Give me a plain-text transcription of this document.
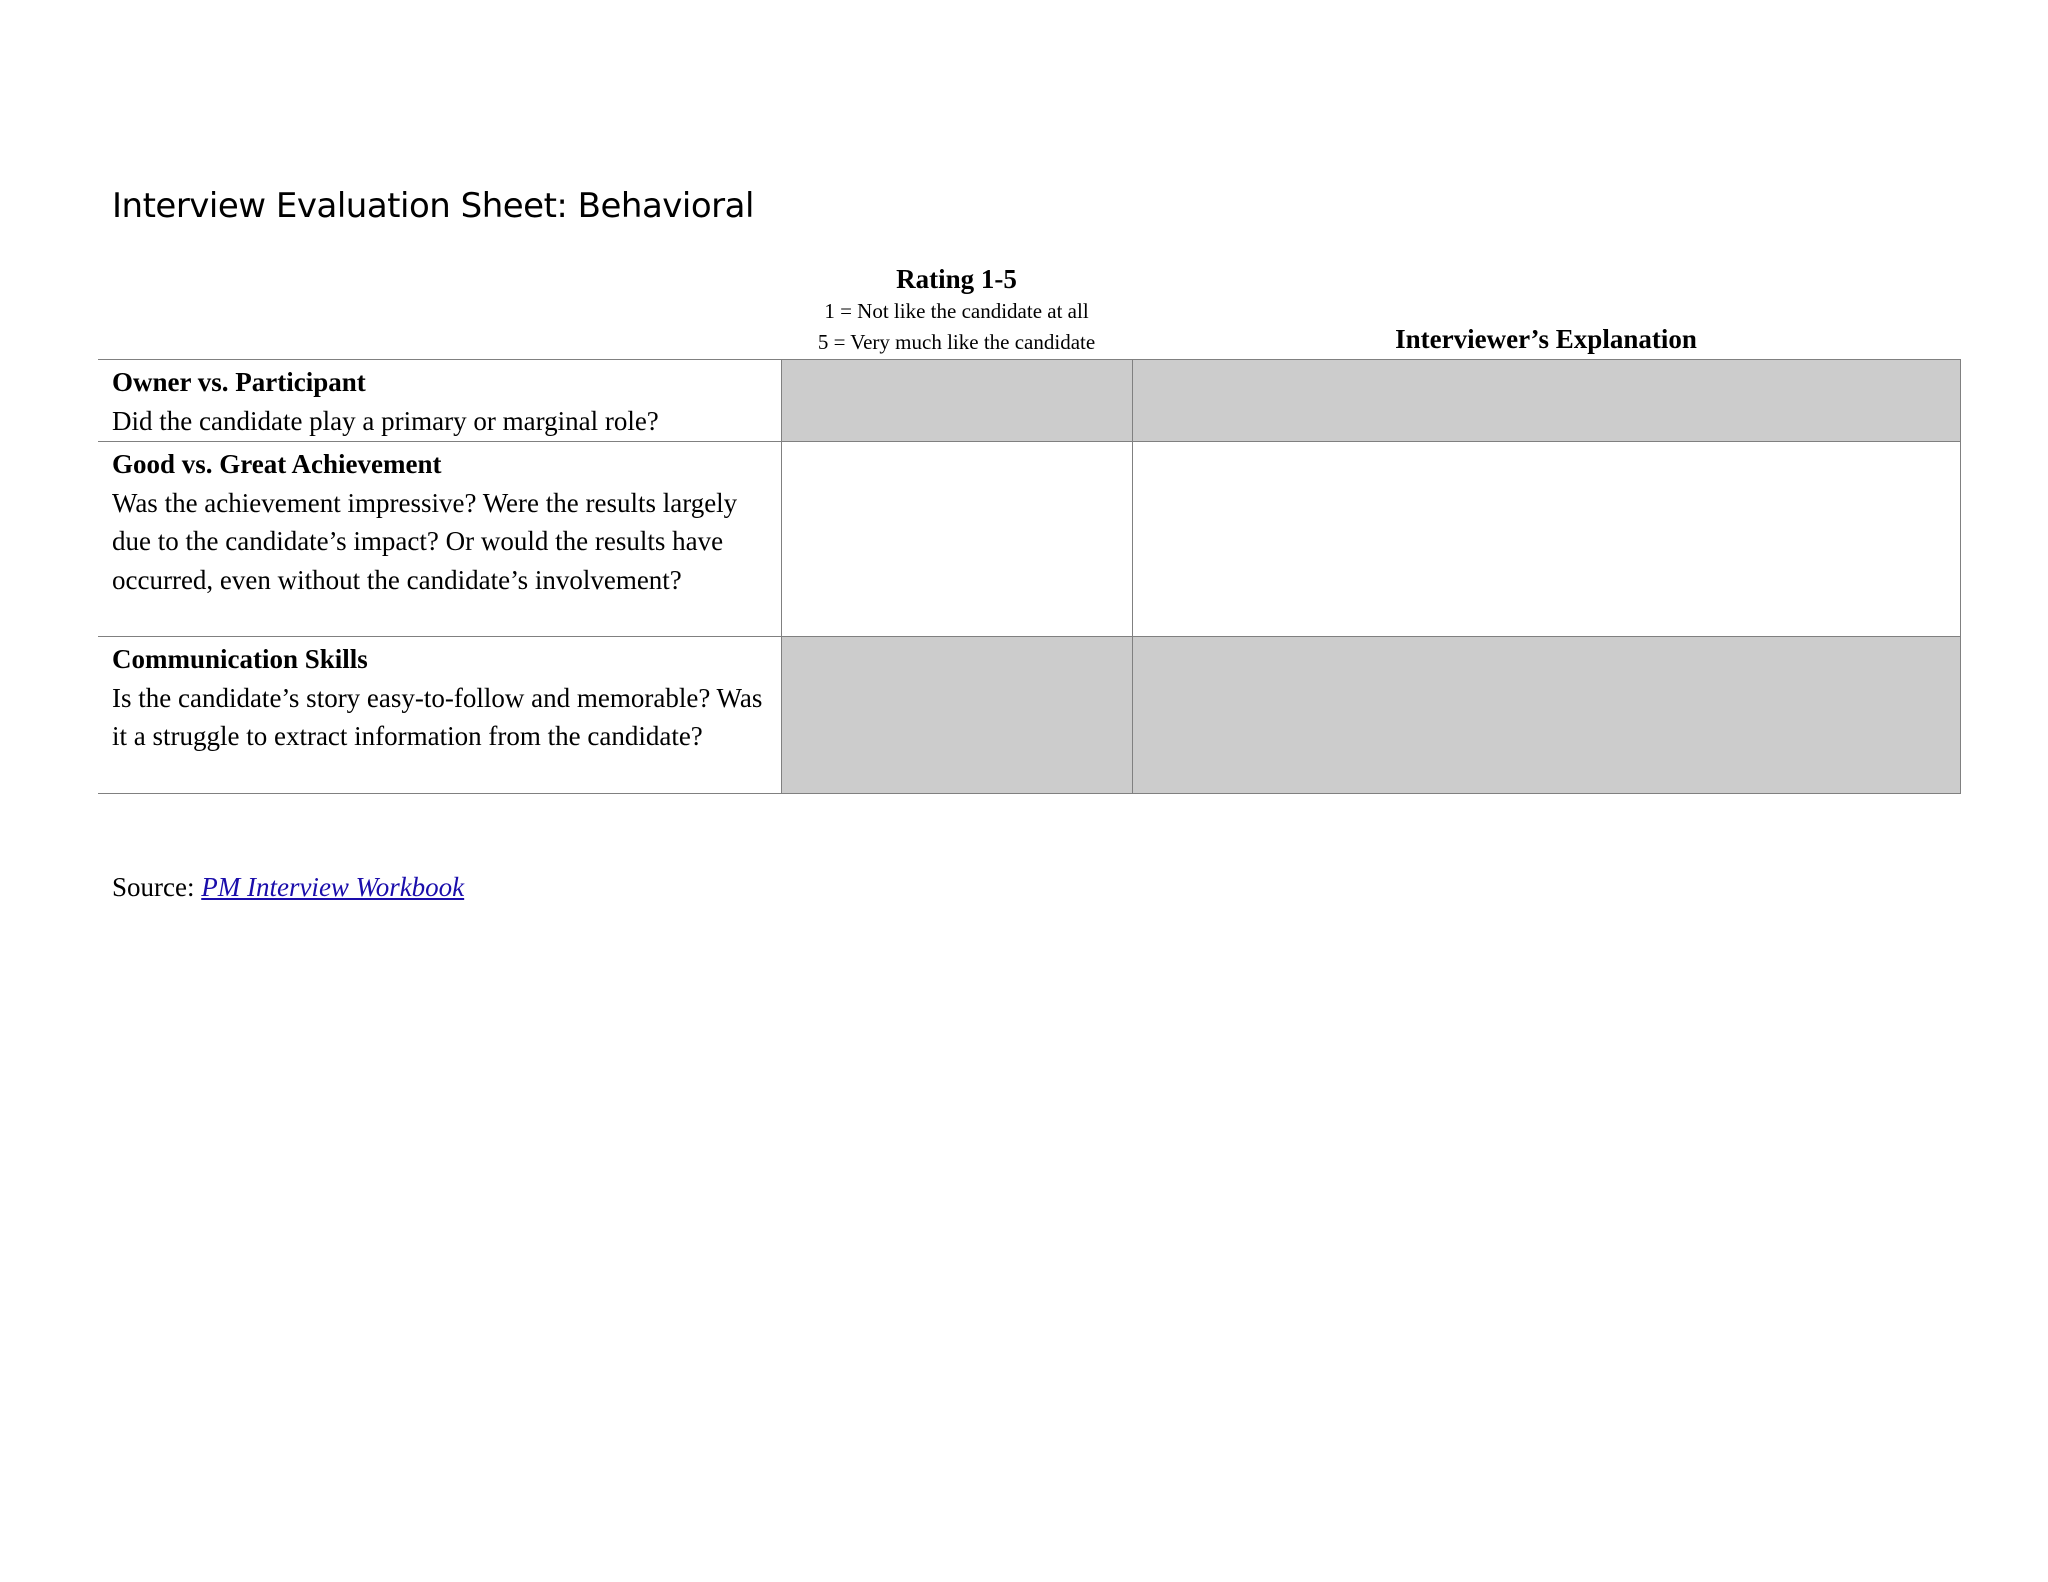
Interview Evaluation Sheet: Behavioral

	Rating 1-5
1 = Not like the candidate at all
5 = Very much like the candidate	Interviewer’s Explanation

Owner vs. Participant
Did the candidate play a primary or marginal role?		

Good vs. Great Achievement
Was the achievement impressive? Were the results largely due to the candidate’s impact? Or would the results have occurred, even without the candidate’s involvement?		

Communication Skills
Is the candidate’s story easy-to-follow and memorable? Was it a struggle to extract information from the candidate?		

Source: PM Interview Workbook
